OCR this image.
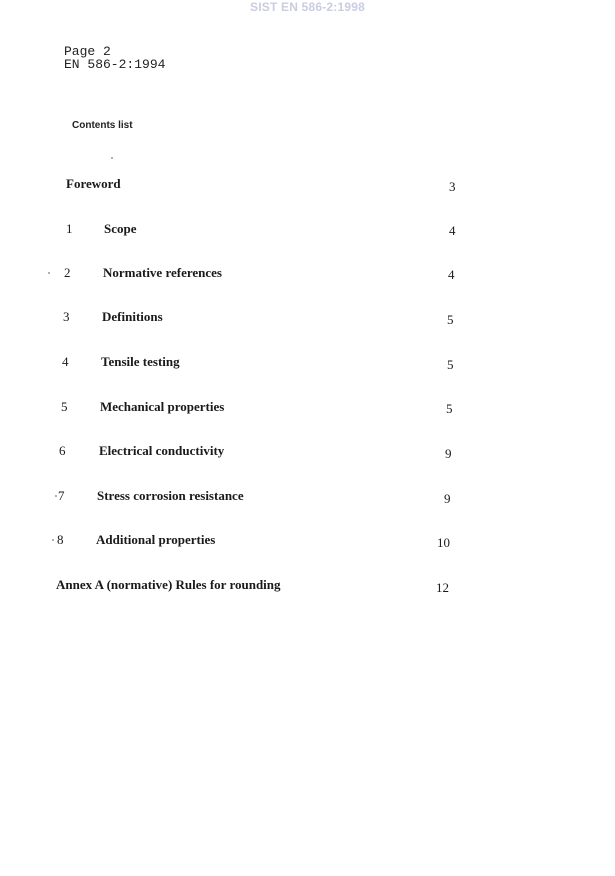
SIST EN 586-2:1998
Page 2
EN 586-2:1994
Contents list
Foreword	3
1 Scope	4
2	Normative references	4
3	Definitions	5
4	Tensile testing	5
5	Mechanical properties	5
6	Electrical conductivity	9
7	Stress corrosion resistance	9
8	Additional properties	10
Annex A (normative) Rules for rounding	12
